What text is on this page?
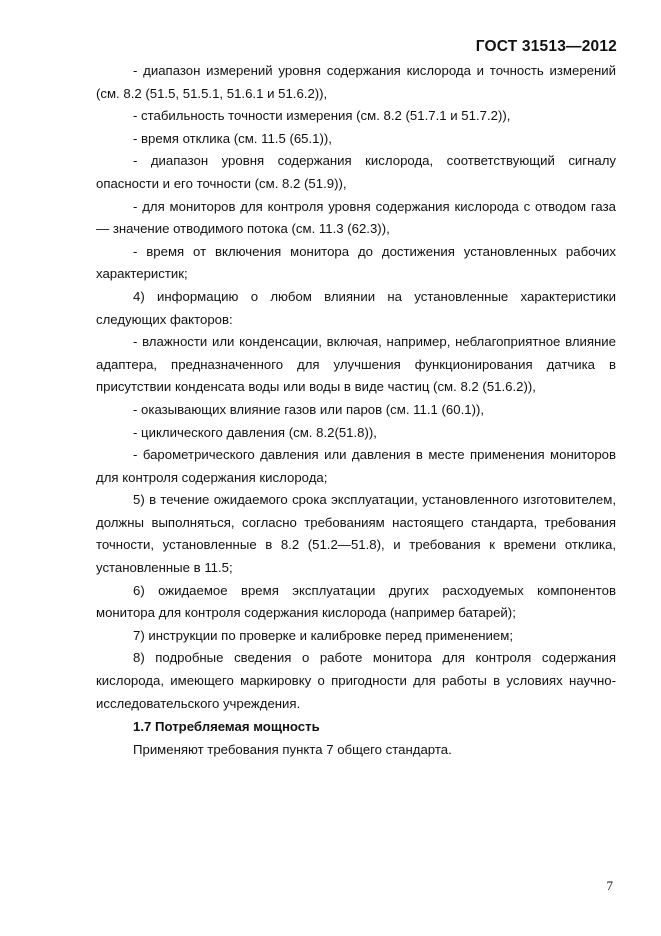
ГОСТ 31513—2012

- диапазон измерений уровня содержания кислорода и точность измерений (см. 8.2 (51.5, 51.5.1, 51.6.1 и 51.6.2)),

- стабильность точности измерения (см. 8.2 (51.7.1 и 51.7.2)),

- время отклика (см. 11.5 (65.1)),

- диапазон уровня содержания кислорода, соответствующий сигналу опасности и его точности (см. 8.2 (51.9)),

- для мониторов для контроля уровня содержания кислорода с отводом газа — значение отводимого потока (см. 11.3 (62.3)),

- время от включения монитора до достижения установленных рабочих характеристик;

4) информацию о любом влиянии на установленные характеристики следующих факторов:

- влажности или конденсации, включая, например, неблагоприятное влияние адаптера, предназначенного для улучшения функционирования датчика в присутствии конденсата воды или воды в виде частиц (см. 8.2 (51.6.2)),

- оказывающих влияние газов или паров (см. 11.1 (60.1)),

- циклического давления (см. 8.2(51.8)),

- барометрического давления или давления в месте применения мониторов для контроля содержания кислорода;

5) в течение ожидаемого срока эксплуатации, установленного изготовителем, должны выполняться, согласно требованиям настоящего стандарта, требования точности, установленные в 8.2 (51.2—51.8), и требования к времени отклика, установленные в 11.5;

6) ожидаемое время эксплуатации других расходуемых компонентов монитора для контроля содержания кислорода (например батарей);

7) инструкции по проверке и калибровке перед применением;

8) подробные сведения о работе монитора для контроля содержания кислорода, имеющего маркировку о пригодности для работы в условиях научно-исследовательского учреждения.

1.7 Потребляемая мощность

Применяют требования пункта 7 общего стандарта.

7
